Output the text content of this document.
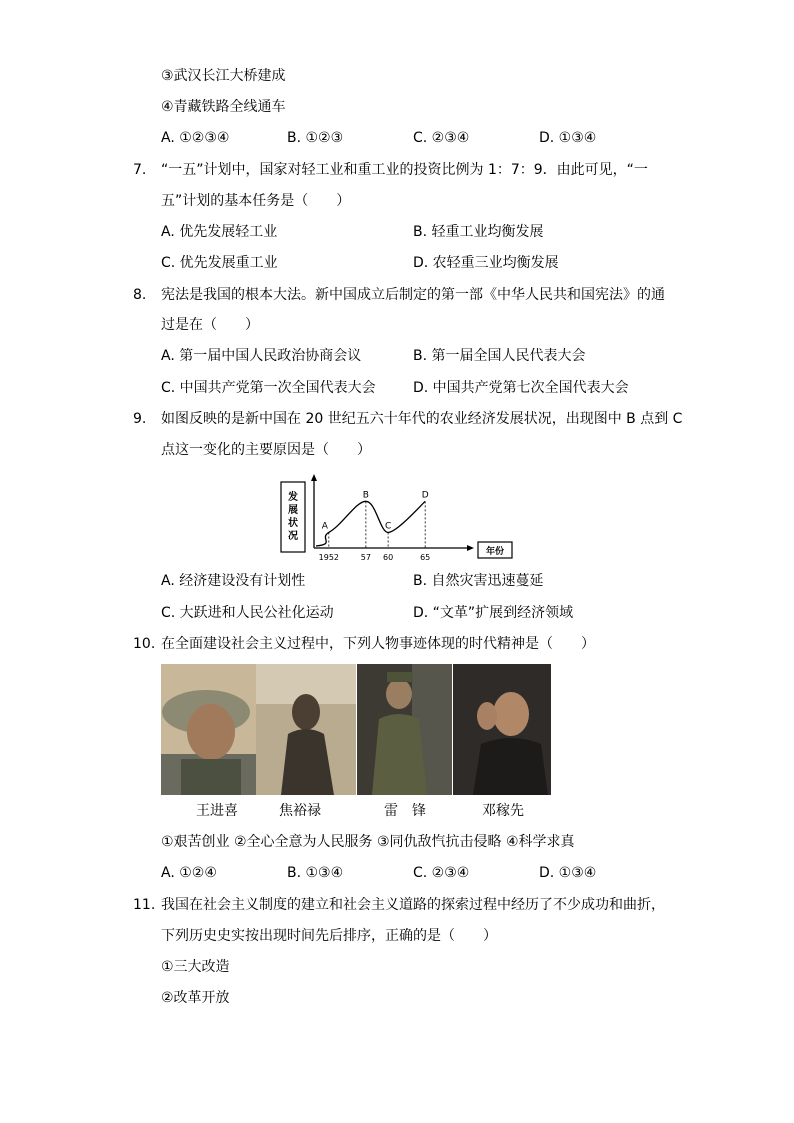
③武汉长江大桥建成
④青藏铁路全线通车
A. ①②③④	B. ①②③	C. ②③④	D. ①③④
7. “一五”计划中，国家对轻工业和重工业的投资比例为 1：7：9．由此可见，“一
五”计划的基本任务是（　　）
A. 优先发展轻工业	B. 轻重工业均衡发展
C. 优先发展重工业	D. 农轻重三业均衡发展
8. 宪法是我国的根本大法。新中国成立后制定的第一部《中华人民共和国宪法》的通
过是在（　　）
A. 第一届中国人民政治协商会议	B. 第一届全国人民代表大会
C. 中国共产党第一次全国代表大会	D. 中国共产党第七次全国代表大会
9. 如图反映的是新中国在 20 世纪五六十年代的农业经济发展状况，出现图中 B 点到 C
点这一变化的主要原因是（　　）
发展状况
年份
A
1952
B
57
C
60
D
65
A. 经济建设没有计划性	B. 自然灾害迅速蔓延
C. 大跃进和人民公社化运动	D. “文革”扩展到经济领域
10. 在全面建设社会主义过程中，下列人物事迹体现的时代精神是（　　）
王进喜	焦裕禄	雷　锋	邓稼先
①艰苦创业 ②全心全意为人民服务 ③同仇敌忾抗击侵略 ④科学求真
A. ①②④	B. ①③④	C. ②③④	D. ①③④
11. 我国在社会主义制度的建立和社会主义道路的探索过程中经历了不少成功和曲折，
下列历史史实按出现时间先后排序，正确的是（　　）
①三大改造
②改革开放
